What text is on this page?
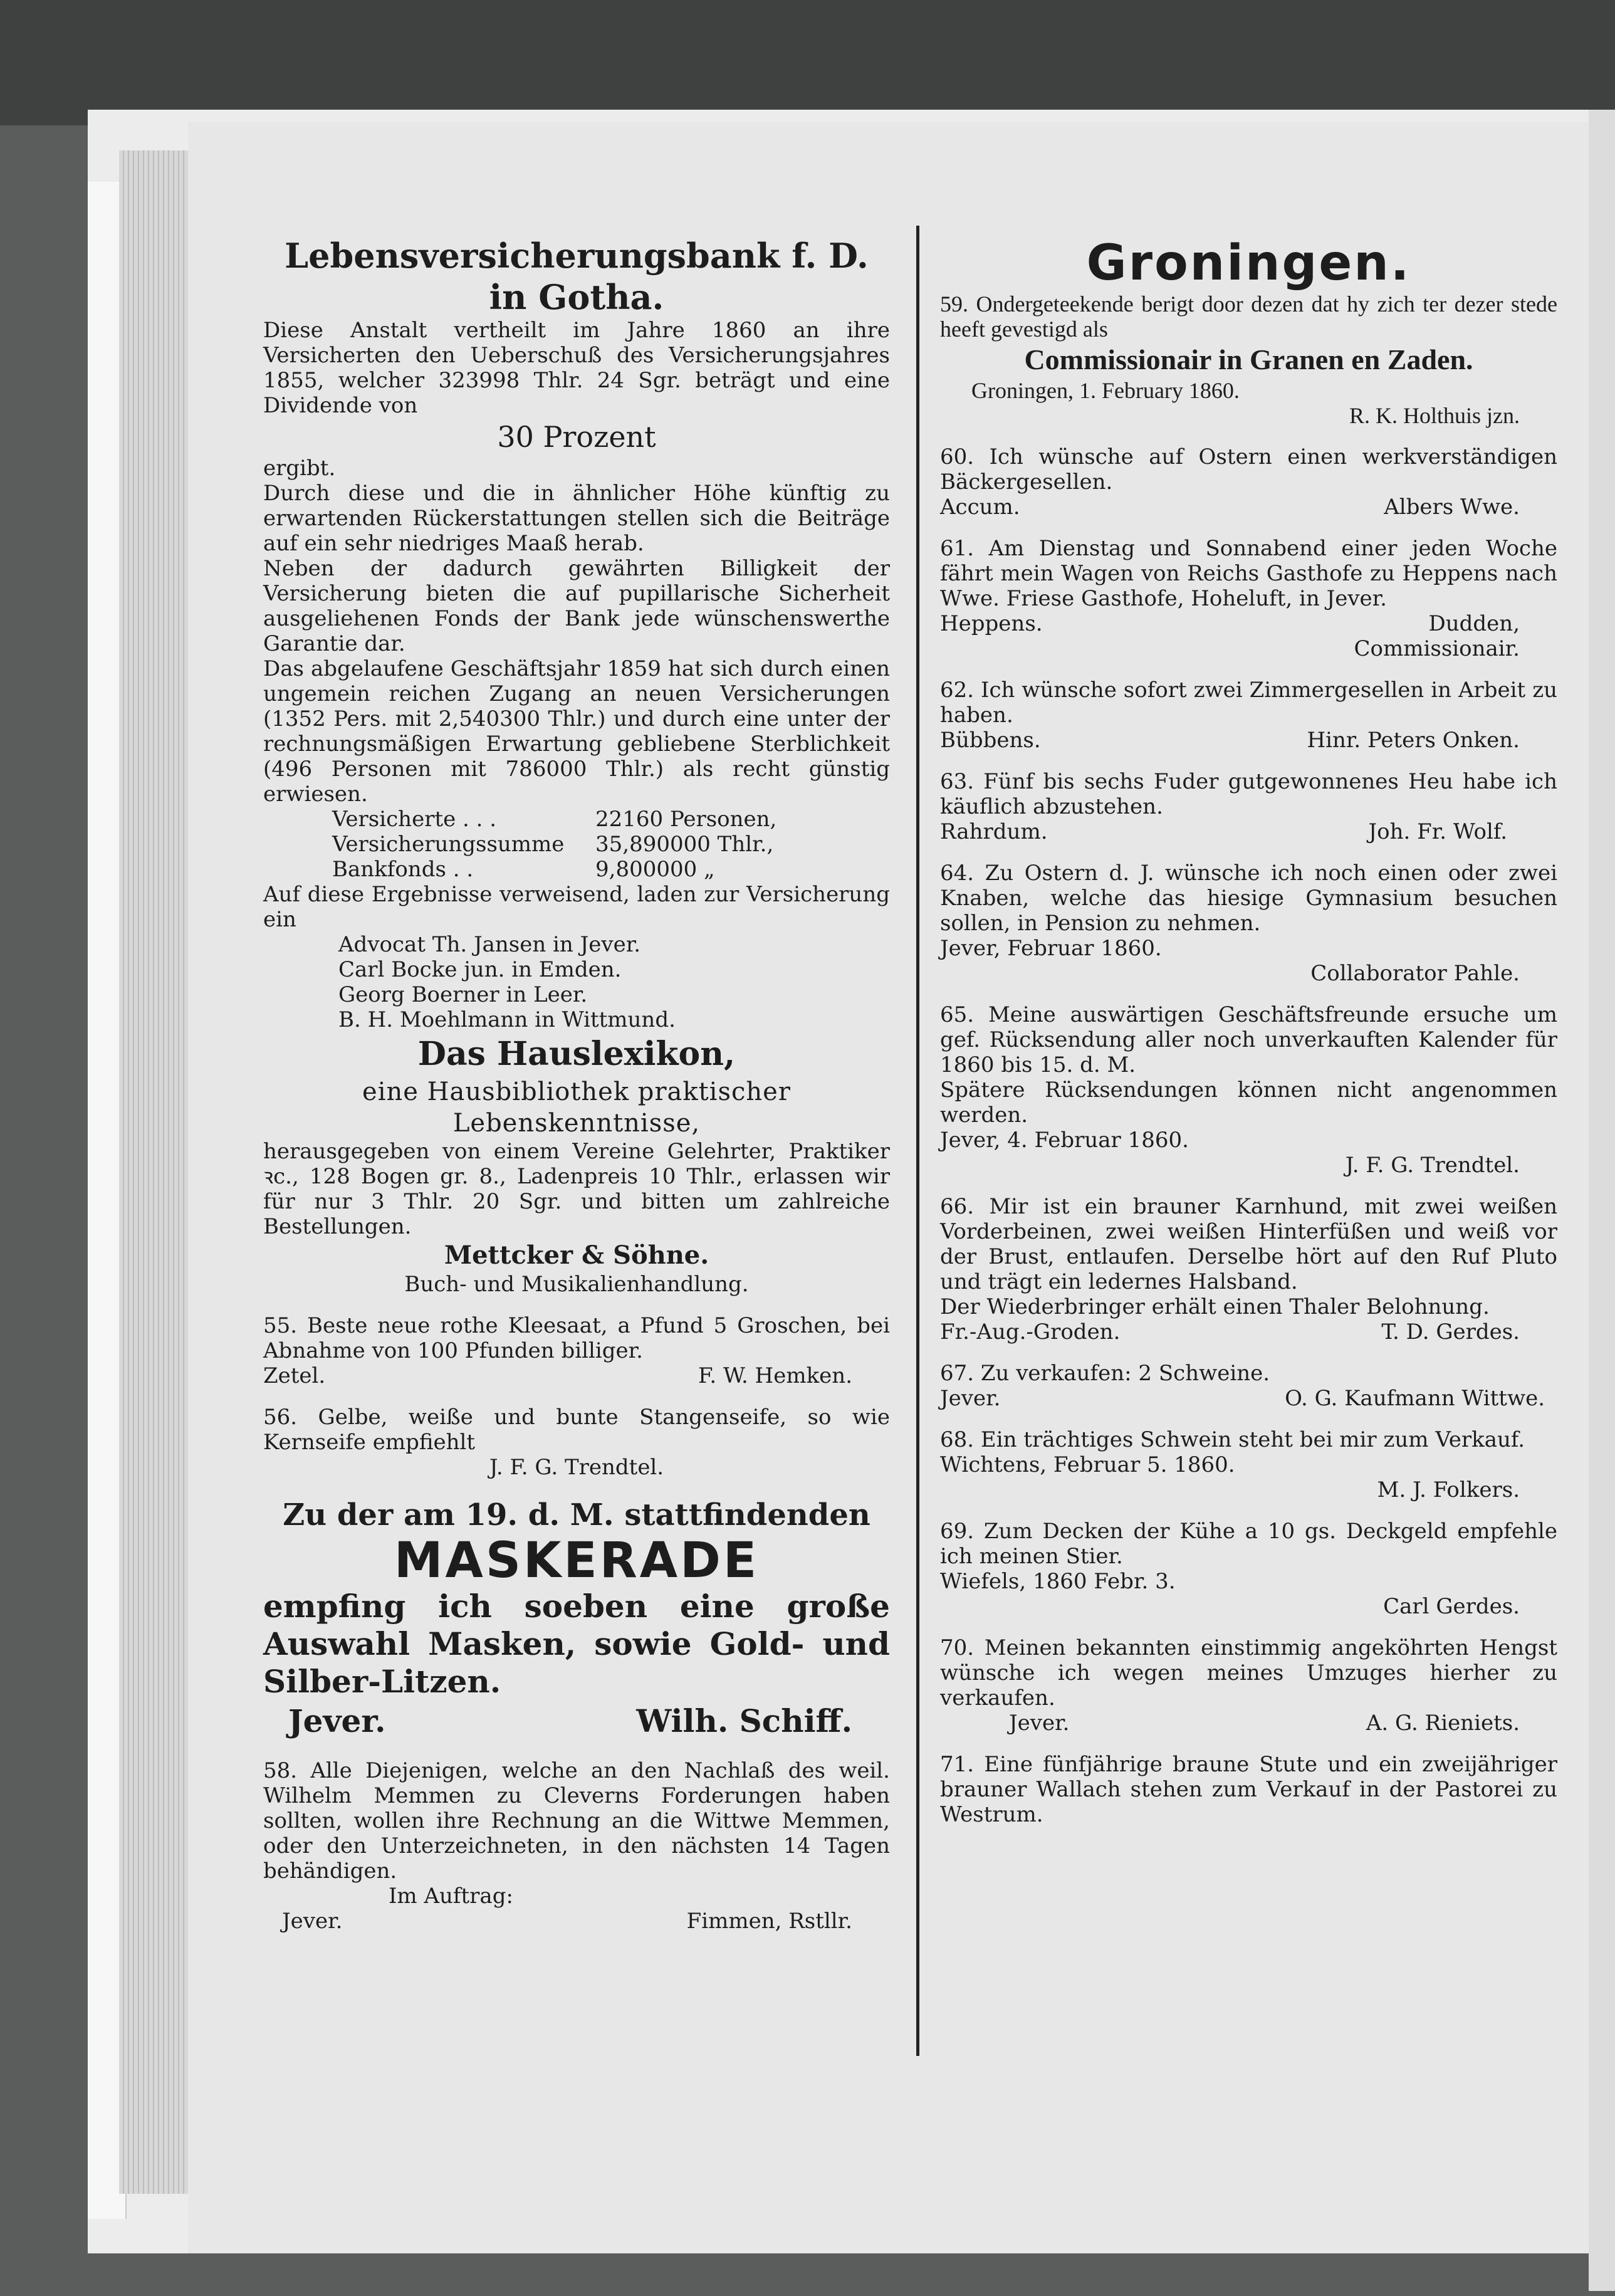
Lebensversicherungsbank f. D.
in Gotha.

Diese Anstalt vertheilt im Jahre 1860 an ihre Versicherten den Ueberschuß des Versicherungsjahres 1855, welcher 323998 Thlr. 24 Sgr. beträgt und eine Dividende von

30 Prozent

ergibt.

Durch diese und die in ähnlicher Höhe künftig zu erwartenden Rückerstattungen stellen sich die Beiträge auf ein sehr niedriges Maaß herab.

Neben der dadurch gewährten Billigkeit der Versicherung bieten die auf pupillarische Sicherheit ausgeliehenen Fonds der Bank jede wünschenswerthe Garantie dar.

Das abgelaufene Geschäftsjahr 1859 hat sich durch einen ungemein reichen Zugang an neuen Versicherungen (1352 Pers. mit 2,540300 Thlr.) und durch eine unter der rechnungsmäßigen Erwartung gebliebene Sterblichkeit (496 Personen mit 786000 Thlr.) als recht günstig erwiesen.

Versicherte . . .	22160 Personen,
Versicherungssumme	35,890000 Thlr.,
Bankfonds . .	9,800000 „

Auf diese Ergebnisse verweisend, laden zur Versicherung ein

Advocat Th. Jansen in Jever.
Carl Bocke jun. in Emden.
Georg Boerner in Leer.
B. H. Moehlmann in Wittmund.
Das Hauslexikon,
eine Hausbibliothek praktischer Lebenskenntnisse,

herausgegeben von einem Vereine Gelehrter, Praktiker ꝛc., 128 Bogen gr. 8., Ladenpreis 10 Thlr., erlassen wir für nur 3 Thlr. 20 Sgr. und bitten um zahlreiche Bestellungen.

Mettcker & Söhne.
Buch- und Musikalienhandlung.

55. Beste neue rothe Kleesaat, a Pfund 5 Groschen, bei Abnahme von 100 Pfunden billiger.

Zetel.	F. W. Hemken.

56. Gelbe, weiße und bunte Stangenseife, so wie Kernseife empfiehlt

J. F. G. Trendtel.
Zu der am 19. d. M. stattfindenden
MASKERADE
empfing ich soeben eine große Auswahl Masken, sowie Gold- und Silber-Litzen.
Jever.	Wilh. Schiff.

58. Alle Diejenigen, welche an den Nachlaß des weil. Wilhelm Memmen zu Cleverns Forderungen haben sollten, wollen ihre Rechnung an die Wittwe Memmen, oder den Unterzeichneten, in den nächsten 14 Tagen behändigen.

Im Auftrag:
Jever.	Fimmen, Rstllr.
Groningen.

59. Ondergeteekende berigt door dezen dat hy zich ter dezer stede heeft gevestigd als

Commissionair in Granen en Zaden.
Groningen, 1. February 1860.
R. K. Holthuis jzn.

60. Ich wünsche auf Ostern einen werkverständigen Bäckergesellen.

Accum.	Albers Wwe.

61. Am Dienstag und Sonnabend einer jeden Woche fährt mein Wagen von Reichs Gasthofe zu Heppens nach Wwe. Friese Gasthofe, Hoheluft, in Jever.

Heppens.	Dudden,
Commissionair.

62. Ich wünsche sofort zwei Zimmergesellen in Arbeit zu haben.

Bübbens.	Hinr. Peters Onken.

63. Fünf bis sechs Fuder gutgewonnenes Heu habe ich käuflich abzustehen.

Rahrdum.	Joh. Fr. Wolf.

64. Zu Ostern d. J. wünsche ich noch einen oder zwei Knaben, welche das hiesige Gymnasium besuchen sollen, in Pension zu nehmen.

Jever, Februar 1860.
Collaborator Pahle.

65. Meine auswärtigen Geschäftsfreunde ersuche um gef. Rücksendung aller noch unverkauften Kalender für 1860 bis 15. d. M.

Spätere Rücksendungen können nicht angenommen werden.

Jever, 4. Februar 1860.
J. F. G. Trendtel.

66. Mir ist ein brauner Karnhund, mit zwei weißen Vorderbeinen, zwei weißen Hinterfüßen und weiß vor der Brust, entlaufen. Derselbe hört auf den Ruf Pluto und trägt ein ledernes Halsband.

Der Wiederbringer erhält einen Thaler Belohnung.

Fr.-Aug.-Groden.	T. D. Gerdes.

67. Zu verkaufen: 2 Schweine.

Jever.	O. G. Kaufmann Wittwe.

68. Ein trächtiges Schwein steht bei mir zum Verkauf.

Wichtens, Februar 5. 1860.
M. J. Folkers.

69. Zum Decken der Kühe a 10 gs. Deckgeld empfehle ich meinen Stier.

Wiefels, 1860 Febr. 3.
Carl Gerdes.

70. Meinen bekannten einstimmig angeköhrten Hengst wünsche ich wegen meines Umzuges hierher zu verkaufen.

Jever.	A. G. Rieniets.

71. Eine fünfjährige braune Stute und ein zweijähriger brauner Wallach stehen zum Verkauf in der Pastorei zu Westrum.
